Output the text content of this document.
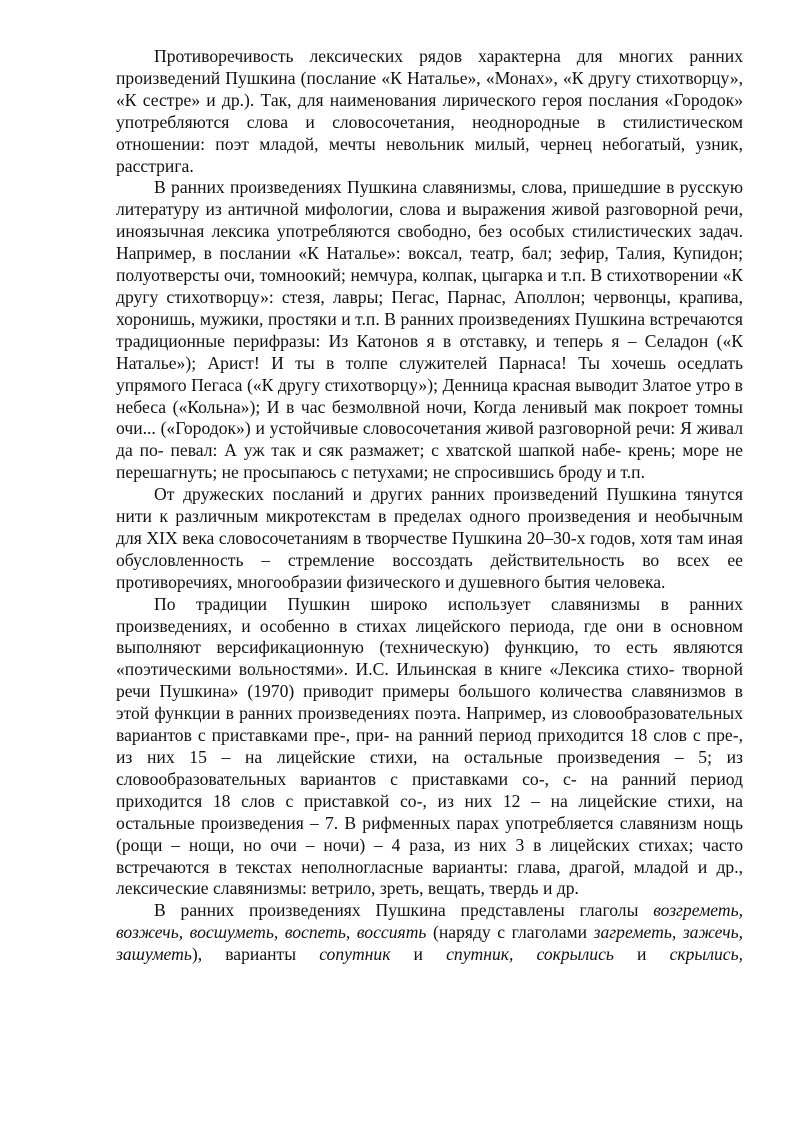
Противоречивость лексических рядов характерна для многих ранних произведений Пушкина (послание «К Наталье», «Монах», «К другу стихотворцу», «К сестре» и др.). Так, для наименования лирического героя послания «Городок» употребляются слова и словосочетания, неоднородные в стилистическом отношении: поэт младой, мечты невольник милый, чернец небогатый, узник, расстрига.

В ранних произведениях Пушкина славянизмы, слова, пришедшие в русскую литературу из античной мифологии, слова и выражения живой разговорной речи, иноязычная лексика употребляются свободно, без особых стилистических задач. Например, в послании «К Наталье»: воксал, театр, бал; зефир, Талия, Купидон; полуотверсты очи, томноокий; немчура, колпак, цыгарка и т.п. В стихотворении «К другу стихотворцу»: стезя, лавры; Пегас, Парнас, Аполлон; червонцы, крапива, хоронишь, мужики, простяки и т.п. В ранних произведениях Пушкина встречаются традиционные перифразы: Из Катонов я в отставку, и теперь я – Селадон («К Наталье»); Арист! И ты в толпе служителей Парнаса! Ты хочешь оседлать упрямого Пегаса («К другу стихотворцу»); Денница красная выводит Златое утро в небеса («Кольна»); И в час безмолвной ночи, Когда ленивый мак покроет томны очи... («Городок») и устойчивые словосочетания живой разговорной речи: Я живал да по- певал: А уж так и сяк размажет; с хватской шапкой набе- крень; море не перешагнуть; не просыпаюсь с петухами; не спросившись броду и т.п.

От дружеских посланий и других ранних произведений Пушкина тянутся нити к различным микротекстам в пределах одного произведения и необычным для XIX века словосочетаниям в творчестве Пушкина 20–30-х годов, хотя там иная обусловленность – стремление воссоздать действительность во всех ее противоречиях, многообразии физического и душевного бытия человека.

По традиции Пушкин широко использует славянизмы в ранних произведениях, и особенно в стихах лицейского периода, где они в основном выполняют версификационную (техническую) функцию, то есть являются «поэтическими вольностями». И.С. Ильинская в книге «Лексика стихо- творной речи Пушкина» (1970) приводит примеры большого количества славянизмов в этой функции в ранних произведениях поэта. Например, из словообразовательных вариантов с приставками пре-, при- на ранний период приходится 18 слов с пре-, из них 15 – на лицейские стихи, на остальные произведения – 5; из словообразовательных вариантов с приставками со-, с- на ранний период приходится 18 слов с приставкой со-, из них 12 – на лицейские стихи, на остальные произведения – 7. В рифменных парах употребляется славянизм нощь (рощи – нощи, но очи – ночи) – 4 раза, из них 3 в лицейских стихах; часто встречаются в текстах неполногласные варианты: глава, драгой, младой и др., лексические славянизмы: ветрило, зреть, вещать, твердь и др.

В ранних произведениях Пушкина представлены глаголы возгреметь, возжечь, восшуметь, воспеть, воссиять (наряду с глаголами загреметь, зажечь, зашуметь), варианты сопутник и спутник, сокрылись и скрылись,
